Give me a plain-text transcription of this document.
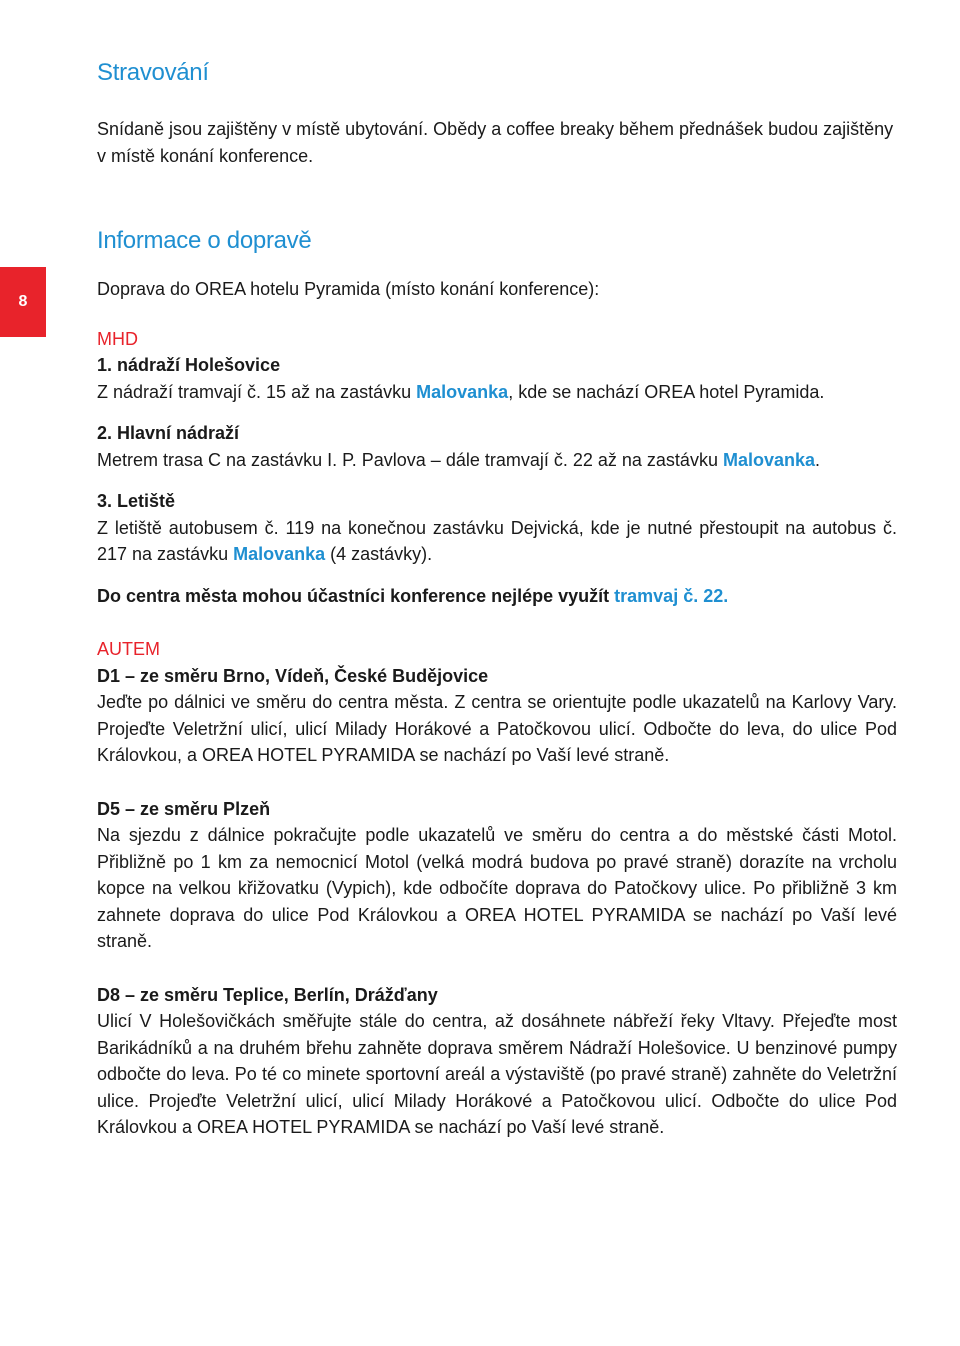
8
Stravování

Snídaně jsou zajištěny v místě ubytování. Obědy a coffee breaky během přednášek budou zajištěny v místě konání konference.

Informace o dopravě

Doprava do OREA hotelu Pyramida (místo konání konference):

MHD

1. nádraží Holešovice

Z nádraží tramvají č. 15 až na zastávku Malovanka, kde se nachází OREA hotel Pyramida.

2. Hlavní nádraží

Metrem trasa C na zastávku I. P. Pavlova – dále tramvají č. 22 až na zastávku Malovanka.

3. Letiště

Z letiště autobusem č. 119 na konečnou zastávku Dejvická, kde je nutné přestoupit na autobus č. 217 na zastávku Malovanka (4 zastávky).

Do centra města mohou účastníci konference nejlépe využít tramvaj č. 22.

AUTEM

D1 – ze směru Brno, Vídeň, České Budějovice

Jeďte po dálnici ve směru do centra města. Z centra se orientujte podle ukazatelů na Karlovy Vary. Projeďte Veletržní ulicí, ulicí Milady Horákové a Patočkovou ulicí. Odbočte do leva, do ulice Pod Královkou, a OREA HOTEL PYRAMIDA se nachází po Vaší levé straně.

D5 – ze směru Plzeň

Na sjezdu z dálnice pokračujte podle ukazatelů ve směru do centra a do městské části Motol. Přibližně po 1 km za nemocnicí Motol (velká modrá budova po pravé straně) dorazíte na vrcholu kopce na velkou křižovatku (Vypich), kde odbočíte doprava do Patočkovy ulice. Po přibližně 3 km zahnete doprava do ulice Pod Královkou a OREA HOTEL PYRAMIDA se nachází po Vaší levé straně.

D8 – ze směru Teplice, Berlín, Drážďany

Ulicí V Holešovičkách směřujte stále do centra, až dosáhnete nábřeží řeky Vltavy. Přejeďte most Barikádníků a na druhém břehu zahněte doprava směrem Nádraží Holešovice. U benzinové pumpy odbočte do leva. Po té co minete sportovní areál a výstaviště (po pravé straně) zahněte do Veletržní ulice. Projeďte Veletržní ulicí, ulicí Milady Horákové a Patočkovou ulicí. Odbočte do ulice Pod Královkou a OREA HOTEL PYRAMIDA se nachází po Vaší levé straně.
